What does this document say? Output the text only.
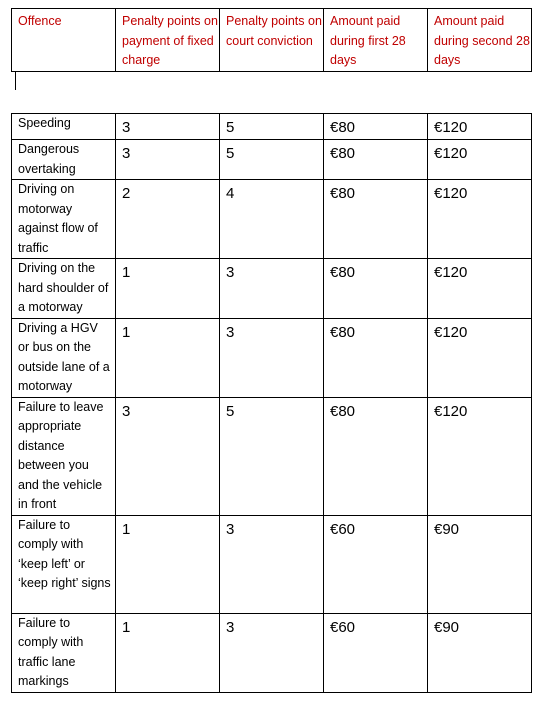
Offence	Penalty points on payment of fixed charge	Penalty points on court conviction	Amount paid during first 28 days	Amount paid during second 28 days
Speeding	3	5	€80	€120
Dangerous overtaking	3	5	€80	€120
Driving on motorway against flow of traffic	2	4	€80	€120
Driving on the hard shoulder of a motorway	1	3	€80	€120
Driving a HGV or bus on the outside lane of a motorway	1	3	€80	€120
Failure to leave appropriate distance between you and the vehicle in front	3	5	€80	€120
Failure to comply with ‘keep left’ or ‘keep right’ signs	1	3	€60	€90
Failure to comply with traffic lane markings	1	3	€60	€90
